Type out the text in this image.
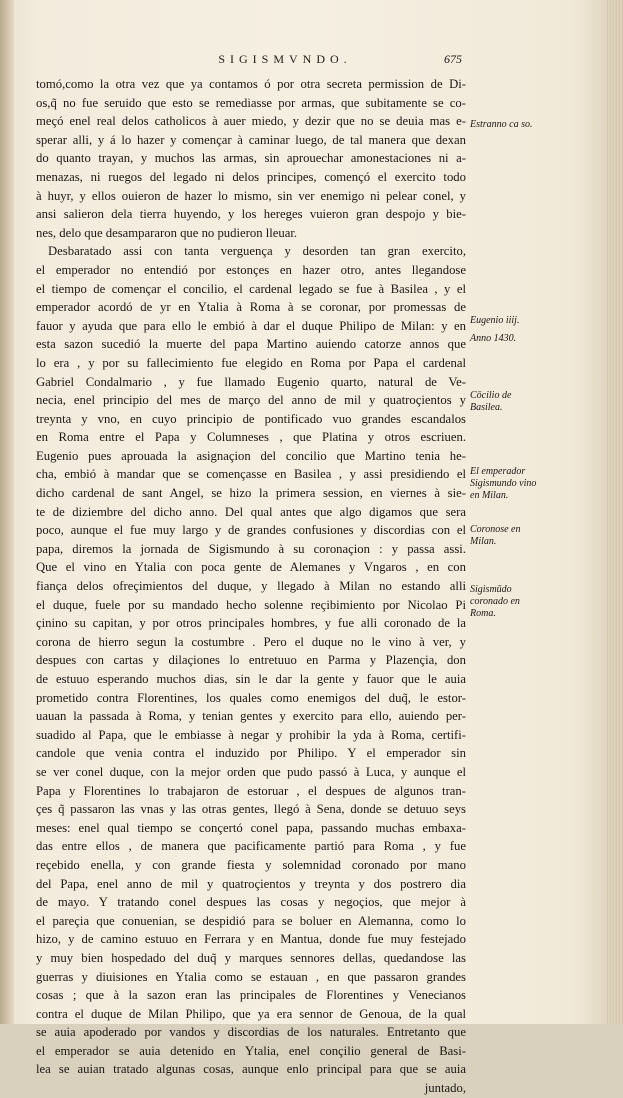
SIGISMVNDO.	675
tomó,como la otra vez que ya contamos ó por otra secreta permission de Di-
os,q̃ no fue seruido que esto se remediasse por armas, que subitamente se co-
meçó enel real delos catholicos à auer miedo, y dezir que no se deuia mas e-
sperar alli, y á lo hazer y començar à caminar luego, de tal manera que dexan
do quanto trayan, y muchos las armas, sin aprouechar amonestaciones ni a-
menazas, ni ruegos del legado ni delos principes, començó el exercito todo
à huyr, y ellos ouieron de hazer lo mismo, sin ver enemigo ni pelear conel, y
ansi salieron dela tierra huyendo, y los hereges vuieron gran despojo y bie-
nes, delo que desampararon que no pudieron lleuar.
Desbaratado assi con tanta verguença y desorden tan gran exercito,
el emperador no entendió por estonçes en hazer otro, antes llegandose
el tiempo de començar el concilio, el cardenal legado se fue à Basilea , y el
emperador acordó de yr en Ytalia à Roma à se coronar, por promessas de
fauor y ayuda que para ello le embió à dar el duque Philipo de Milan: y en
esta sazon sucedió la muerte del papa Martino auiendo catorze annos que
lo era , y por su fallecimiento fue elegido en Roma por Papa el cardenal
Gabriel Condalmario , y fue llamado Eugenio quarto, natural de Ve-
necia, enel principio del mes de março del anno de mil y quatroçientos y
treynta y vno, en cuyo principio de pontificado vuo grandes escandalos
en Roma entre el Papa y Columneses , que Platina y otros escriuen.
Eugenio pues aprouada la asignaçion del concilio que Martino tenia he-
cha, embió à mandar que se començasse en Basilea , y assi presidiendo el
dicho cardenal de sant Angel, se hizo la primera session, en viernes à sie-
te de diziembre del dicho anno. Del qual antes que algo digamos que sera
poco, aunque el fue muy largo y de grandes confusiones y discordias con el
papa, diremos la jornada de Sigismundo à su coronaçion : y passa assi.
Que el vino en Ytalia con poca gente de Alemanes y Vngaros , en con
fiança delos ofreçimientos del duque, y llegado à Milan no estando alli
el duque, fuele por su mandado hecho solenne reçibimiento por Nicolao Pi
çinino su capitan, y por otros principales hombres, y fue alli coronado de la
corona de hierro segun la costumbre . Pero el duque no le vino à ver, y
despues con cartas y dilaçiones lo entretuuo en Parma y Plazençia, don
de estuuo esperando muchos dias, sin le dar la gente y fauor que le auia
prometido contra Florentines, los quales como enemigos del duq̃, le estor-
uauan la passada à Roma, y tenian gentes y exercito para ello, auiendo per-
suadido al Papa, que le embiasse à negar y prohibir la yda à Roma, certifi-
candole que venia contra el induzido por Philipo. Y el emperador sin
se ver conel duque, con la mejor orden que pudo passó à Luca, y aunque el
Papa y Florentines lo trabajaron de estoruar , el despues de algunos tran-
çes q̃ passaron las vnas y las otras gentes, llegó à Sena, donde se detuuo seys
meses: enel qual tiempo se conçertó conel papa, passando muchas embaxa-
das entre ellos , de manera que pacificamente partió para Roma , y fue
reçebido enella, y con grande fiesta y solemnidad coronado por mano
del Papa, enel anno de mil y quatroçientos y treynta y dos postrero dia
de mayo. Y tratando conel despues las cosas y negoçios, que mejor à
el pareçia que conuenian, se despidió para se boluer en Alemanna, como lo
hizo, y de camino estuuo en Ferrara y en Mantua, donde fue muy festejado
y muy bien hospedado del duq̃ y marques sennores dellas, quedandose las
guerras y diuisiones en Ytalia como se estauan , en que passaron grandes
cosas ; que à la sazon eran las principales de Florentines y Venecianos
contra el duque de Milan Philipo, que ya era sennor de Genoua, de la qual
se auia apoderado por vandos y discordias de los naturales. Entretanto que
el emperador se auia detenido en Ytalia, enel conçilio general de Basi-
lea se auian tratado algunas cosas, aunque enlo principal para que se auia
juntado,
Estranno ca so.
Eugenio iiij.
Anno 1430.
Cōcilio de Basilea.
El emperador Sigismundo vino en Milan.
Coronose en Milan.
Sigismūdo coronado en Roma.
